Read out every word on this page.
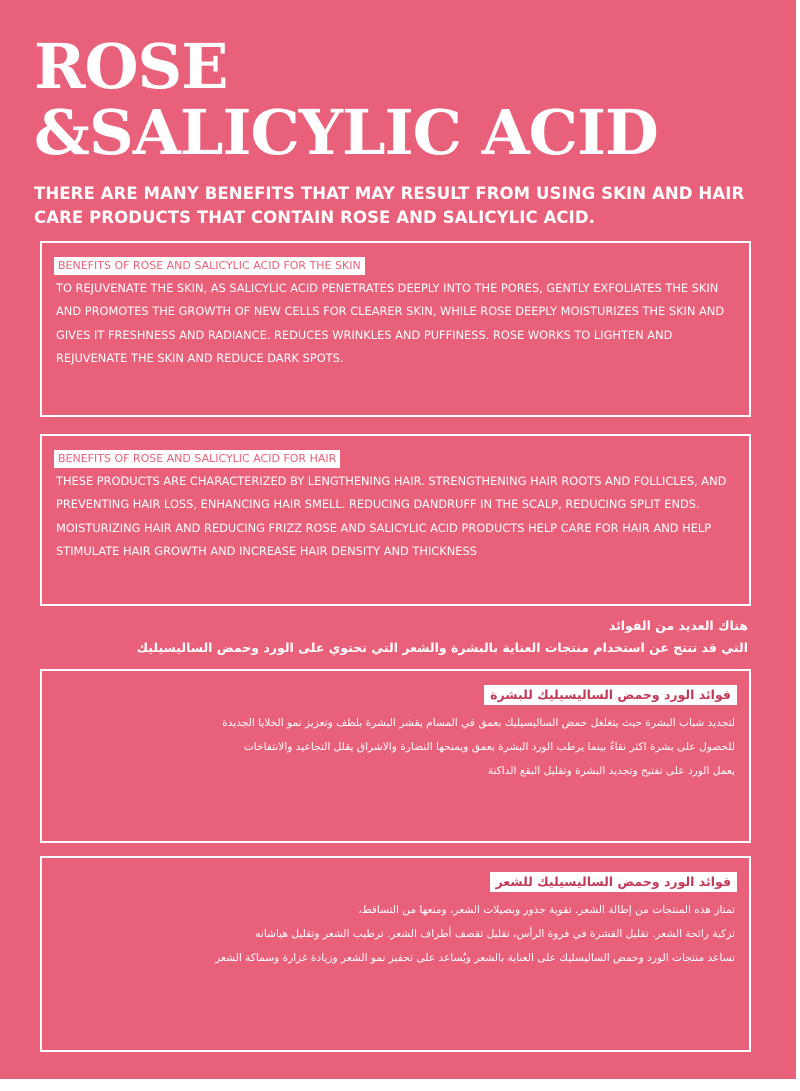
ROSE
&SALICYLIC ACID

THERE ARE MANY BENEFITS THAT MAY RESULT FROM USING SKIN AND HAIR CARE PRODUCTS THAT CONTAIN ROSE AND SALICYLIC ACID.

BENEFITS OF ROSE AND SALICYLIC ACID FOR THE SKIN

TO REJUVENATE THE SKIN, AS SALICYLIC ACID PENETRATES DEEPLY INTO THE PORES, GENTLY EXFOLIATES THE SKIN AND PROMOTES THE GROWTH OF NEW CELLS FOR CLEARER SKIN, WHILE ROSE DEEPLY MOISTURIZES THE SKIN AND GIVES IT FRESHNESS AND RADIANCE. REDUCES WRINKLES AND PUFFINESS. ROSE WORKS TO LIGHTEN AND REJUVENATE THE SKIN AND REDUCE DARK SPOTS.

BENEFITS OF ROSE AND SALICYLIC ACID FOR HAIR

THESE PRODUCTS ARE CHARACTERIZED BY LENGTHENING HAIR. STRENGTHENING HAIR ROOTS AND FOLLICLES, AND PREVENTING HAIR LOSS, ENHANCING HAIR SMELL. REDUCING DANDRUFF IN THE SCALP, REDUCING SPLIT ENDS. MOISTURIZING HAIR AND REDUCING FRIZZ ROSE AND SALICYLIC ACID PRODUCTS HELP CARE FOR HAIR AND HELP STIMULATE HAIR GROWTH AND INCREASE HAIR DENSITY AND THICKNESS

هناك العديد من الفوائد
التي قد تنتج عن استخدام منتجات العناية بالبشرة والشعر التي تحتوي على الورد وحمض الساليسيليك
فوائد الورد وحمض الساليسيليك للبشرة
لتجديد شباب البشرة حيث يتغلغل حمض الساليسيليك بعمق في المسام يقشر البشرة بلطف وتعزيز نمو الخلايا الجديدة
للحصول على بشرة اكثر نقاءً بينما يرطب الورد البشرة بعمق ويمنحها النضارة والاشراق يقلل التجاعيد والانتفاخات
يعمل الورد على تفتيح وتجديد البشرة وتقليل البقع الداكنة
فوائد الورد وحمض الساليسيليك للشعر
تمتاز هذه المنتجات من إطالة الشعر. تقوية جذور وبصيلات الشعر، ومنعها من التساقط،
تزكية رائحة الشعر. تقليل القشرة في فروة الرأس، تقليل تقصف أطراف الشعر. ترطيب الشعر وتقليل هياشانه
تساعد منتجات الورد وحمض الساليسليك على العناية بالشعر ويُساعد على تحفيز نمو الشعر وزيادة غزارة وسماكة الشعر
